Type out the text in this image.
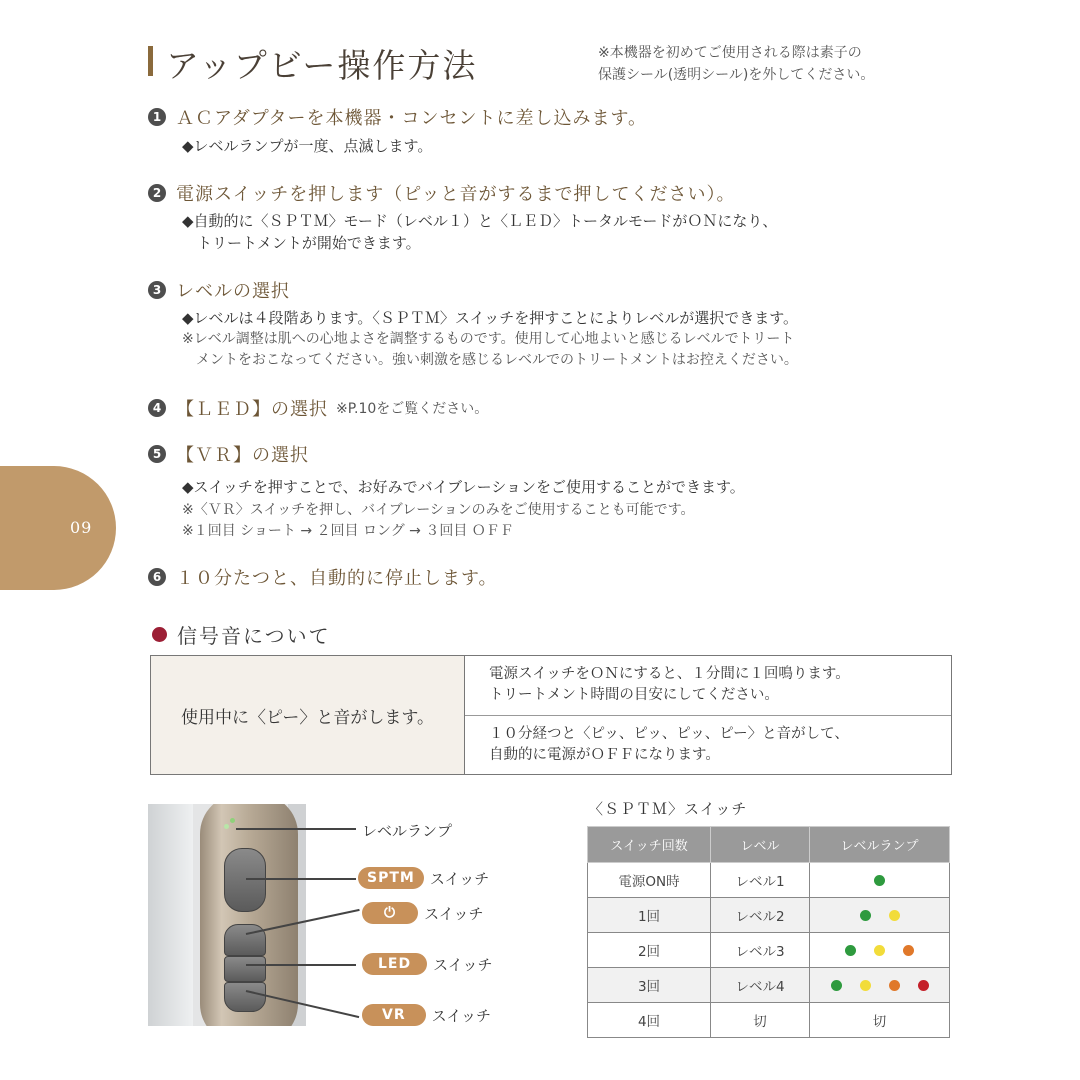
アップビー操作方法	※本機器を初めてご使用される際は素子の
保護シール(透明シール)を外してください。
1 ＡＣアダプターを本機器・コンセントに差し込みます。
◆レベルランプが一度、点滅します。
2 電源スイッチを押します（ピッと音がするまで押してください）。
◆自動的に〈ＳＰＴＭ〉モード（レベル１）と〈ＬＥＤ〉トータルモードがＯＮになり、
　トリートメントが開始できます。
3 レベルの選択
◆レベルは４段階あります。〈ＳＰＴＭ〉スイッチを押すことによりレベルが選択できます。
※レベル調整は肌への心地よさを調整するものです。使用して心地よいと感じるレベルでトリート
　メントをおこなってください。強い刺激を感じるレベルでのトリートメントはお控えください。
4 【ＬＥＤ】の選択 ※P.10をご覧ください。
5 【ＶＲ】の選択
◆スイッチを押すことで、お好みでバイブレーションをご使用することができます。
※〈ＶＲ〉スイッチを押し、バイブレーションのみをご使用することも可能です。
※１回目 ショート → ２回目 ロング → ３回目 ＯＦＦ
6 １０分たつと、自動的に停止します。
09
信号音について
使用中に〈ピー〉と音がします。
電源スイッチをＯＮにすると、１分間に１回鳴ります。
トリートメント時間の目安にしてください。
１０分経つと〈ピッ、ピッ、ピッ、ピー〉と音がして、
自動的に電源がＯＦＦになります。
レベルランプ
SPTM	スイッチ
⏻	スイッチ
LED	スイッチ
VR	スイッチ
〈ＳＰＴＭ〉スイッチ
スイッチ回数	レベル	レベルランプ
電源ON時	レベル1	
1回	レベル2	
2回	レベル3	
3回	レベル4	
4回	切	切
